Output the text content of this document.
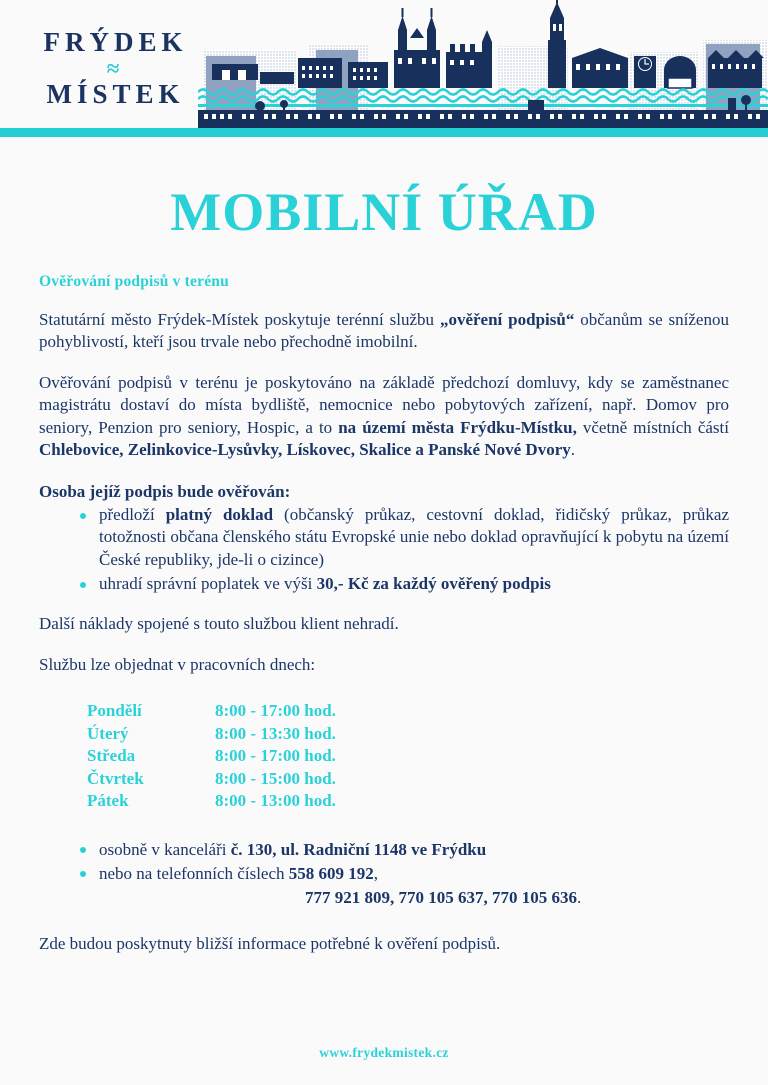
FRÝDEK
≈
MÍSTEK
MOBILNÍ ÚŘAD
Ověřování podpisů v terénu

Statutární město Frýdek-Místek poskytuje terénní službu „ověření podpisů“ občanům se sníženou pohyblivostí, kteří jsou trvale nebo přechodně imobilní.

Ověřování podpisů v terénu je poskytováno na základě předchozí domluvy, kdy se zaměstnanec magistrátu dostaví do místa bydliště, nemocnice nebo pobytových zařízení, např. Domov pro seniory, Penzion pro seniory, Hospic, a to na území města Frýdku-Místku, včetně místních částí Chlebovice, Zelinkovice-Lysůvky, Lískovec, Skalice a Panské Nové Dvory.

Osoba jejíž podpis bude ověřován:
předloží platný doklad (občanský průkaz, cestovní doklad, řidičský průkaz, průkaz totožnosti občana členského státu Evropské unie nebo doklad opravňující k pobytu na území České republiky, jde-li o cizince)
uhradí správní poplatek ve výši 30,- Kč za každý ověřený podpis

Další náklady spojené s touto službou klient nehradí.

Službu lze objednat v pracovních dnech:

Pondělí	8:00 - 17:00 hod.
Úterý	8:00 - 13:30 hod.
Středa	8:00 - 17:00 hod.
Čtvrtek	8:00 - 15:00 hod.
Pátek	8:00 - 13:00 hod.
osobně v kanceláři č. 130, ul. Radniční 1148 ve Frýdku
nebo na telefonních číslech 558 609 192,
777 921 809, 770 105 637, 770 105 636.

Zde budou poskytnuty bližší informace potřebné k ověření podpisů.

www.frydekmistek.cz
